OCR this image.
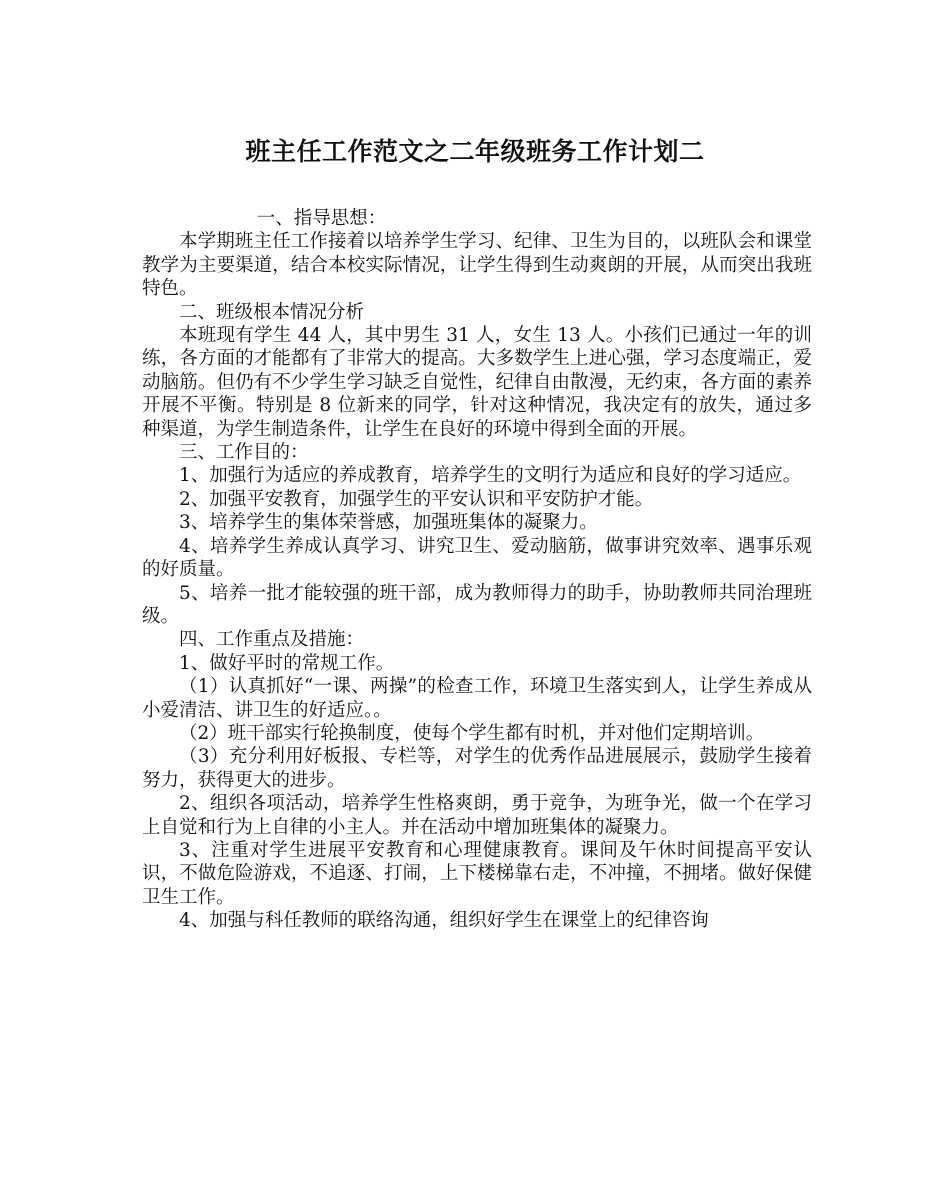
班主任工作范文之二年级班务工作计划二

一、指导思想：

本学期班主任工作接着以培养学生学习、纪律、卫生为目的，以班队会和课堂教学为主要渠道，结合本校实际情况，让学生得到生动爽朗的开展，从而突出我班特色。

二、班级根本情况分析

本班现有学生 44 人，其中男生 31 人，女生 13 人。小孩们已通过一年的训练，各方面的才能都有了非常大的提高。大多数学生上进心强，学习态度端正，爱动脑筋。但仍有不少学生学习缺乏自觉性，纪律自由散漫，无约束，各方面的素养开展不平衡。特别是 8 位新来的同学，针对这种情况，我决定有的放失，通过多种渠道，为学生制造条件，让学生在良好的环境中得到全面的开展。

三、工作目的：

1、加强行为适应的养成教育，培养学生的文明行为适应和良好的学习适应。

2、加强平安教育，加强学生的平安认识和平安防护才能。

3、培养学生的集体荣誉感，加强班集体的凝聚力。

4、培养学生养成认真学习、讲究卫生、爱动脑筋，做事讲究效率、遇事乐观的好质量。

5、培养一批才能较强的班干部，成为教师得力的助手，协助教师共同治理班级。

四、工作重点及措施：

1、做好平时的常规工作。

（1）认真抓好“一课、两操”的检查工作，环境卫生落实到人，让学生养成从小爱清洁、讲卫生的好适应。。

（2）班干部实行轮换制度，使每个学生都有时机，并对他们定期培训。

（3）充分利用好板报、专栏等，对学生的优秀作品进展展示，鼓励学生接着努力，获得更大的进步。

2、组织各项活动，培养学生性格爽朗，勇于竞争，为班争光，做一个在学习上自觉和行为上自律的小主人。并在活动中增加班集体的凝聚力。

3、注重对学生进展平安教育和心理健康教育。课间及午休时间提高平安认识，不做危险游戏，不追逐、打闹，上下楼梯靠右走，不冲撞，不拥堵。做好保健卫生工作。

4、加强与科任教师的联络沟通，组织好学生在课堂上的纪律咨询
